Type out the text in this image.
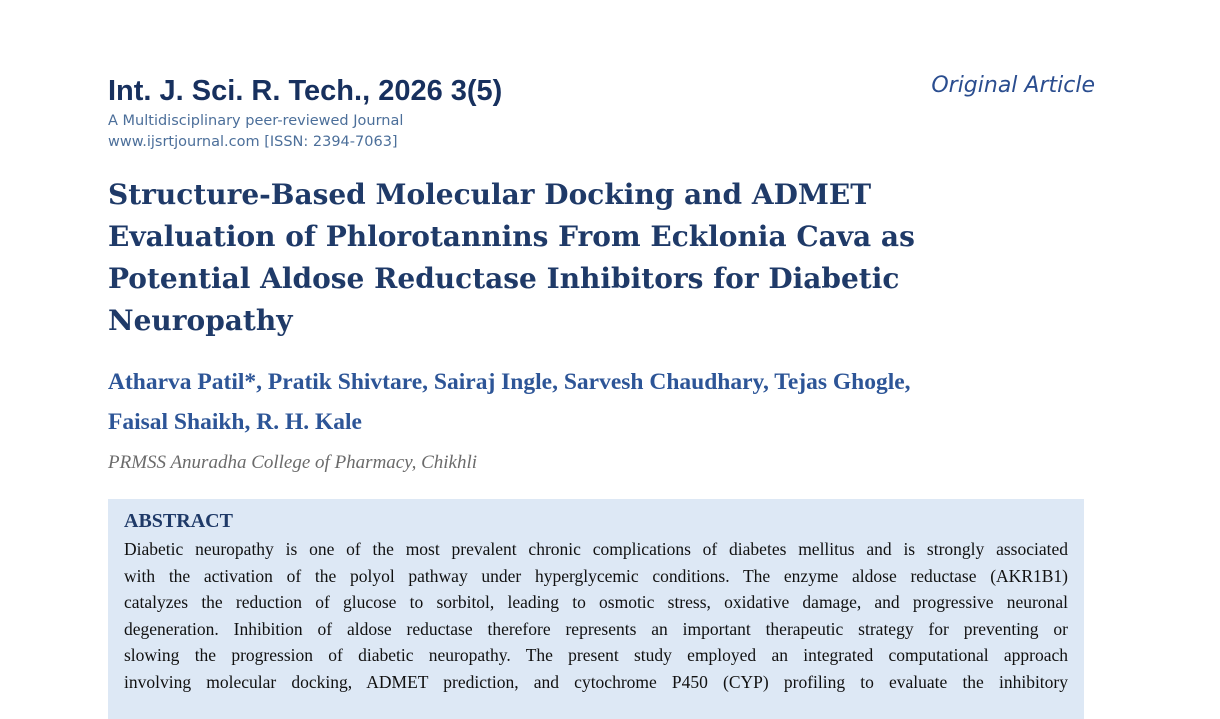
Int. J. Sci. R. Tech., 2026 3(5)	Original Article
A Multidisciplinary peer-reviewed Journal
www.ijsrtjournal.com [ISSN: 2394-7063]
Structure-Based Molecular Docking and ADMET
Evaluation of Phlorotannins From Ecklonia Cava as
Potential Aldose Reductase Inhibitors for Diabetic
Neuropathy
Atharva Patil*, Pratik Shivtare, Sairaj Ingle, Sarvesh Chaudhary, Tejas Ghogle,
Faisal Shaikh, R. H. Kale
PRMSS Anuradha College of Pharmacy, Chikhli
ABSTRACT
Diabetic neuropathy is one of the most prevalent chronic complications of diabetes mellitus and is strongly associated
with the activation of the polyol pathway under hyperglycemic conditions. The enzyme aldose reductase (AKR1B1)
catalyzes the reduction of glucose to sorbitol, leading to osmotic stress, oxidative damage, and progressive neuronal
degeneration. Inhibition of aldose reductase therefore represents an important therapeutic strategy for preventing or
slowing the progression of diabetic neuropathy. The present study employed an integrated computational approach
involving molecular docking, ADMET prediction, and cytochrome P450 (CYP) profiling to evaluate the inhibitory
